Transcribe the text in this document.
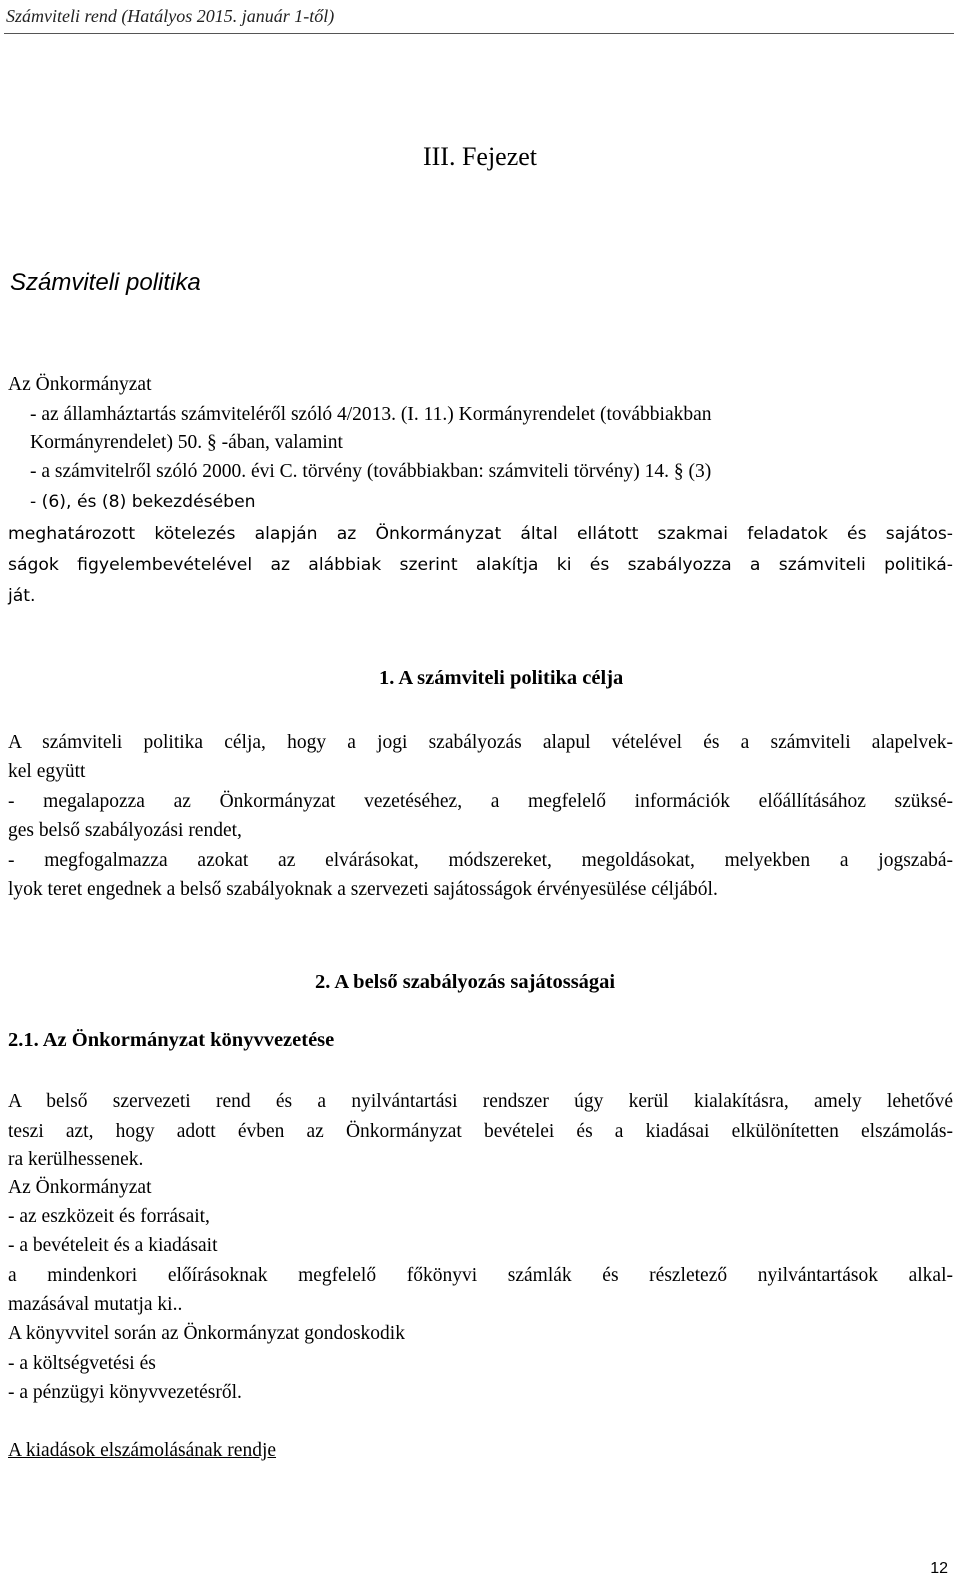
Számviteli rend (Hatályos 2015. január 1-től)
III. Fejezet
Számviteli politika
Az Önkormányzat
- az államháztartás számviteléről szóló 4/2013. (I. 11.) Kormányrendelet (továbbiakban
Kormányrendelet) 50. § -ában, valamint
- a számvitelről szóló 2000. évi C. törvény (továbbiakban: számviteli törvény) 14. § (3)
- (6), és (8) bekezdésében
meghatározott kötelezés alapján az Önkormányzat által ellátott szakmai feladatok és sajátos-
ságok figyelembevételével az alábbiak szerint alakítja ki és szabályozza a számviteli politiká-
ját.
1. A számviteli politika célja
A számviteli politika célja, hogy a jogi szabályozás alapul vételével és a számviteli alapelvek-
kel együtt
- megalapozza az Önkormányzat vezetéséhez, a megfelelő információk előállításához szüksé-
ges belső szabályozási rendet,
- megfogalmazza azokat az elvárásokat, módszereket, megoldásokat, melyekben a jogszabá-
lyok teret engednek a belső szabályoknak a szervezeti sajátosságok érvényesülése céljából.
2. A belső szabályozás sajátosságai
2.1. Az Önkormányzat könyvvezetése
A belső szervezeti rend és a nyilvántartási rendszer úgy kerül kialakításra, amely lehetővé
teszi azt, hogy adott évben az Önkormányzat bevételei és a kiadásai elkülönítetten elszámolás-
ra kerülhessenek.
Az Önkormányzat
- az eszközeit és forrásait,
- a bevételeit és a kiadásait
a mindenkori előírásoknak megfelelő főkönyvi számlák és részletező nyilvántartások alkal-
mazásával mutatja ki..
A könyvvitel során az Önkormányzat gondoskodik
- a költségvetési és
- a pénzügyi könyvvezetésről.
A kiadások elszámolásának rendje
12
